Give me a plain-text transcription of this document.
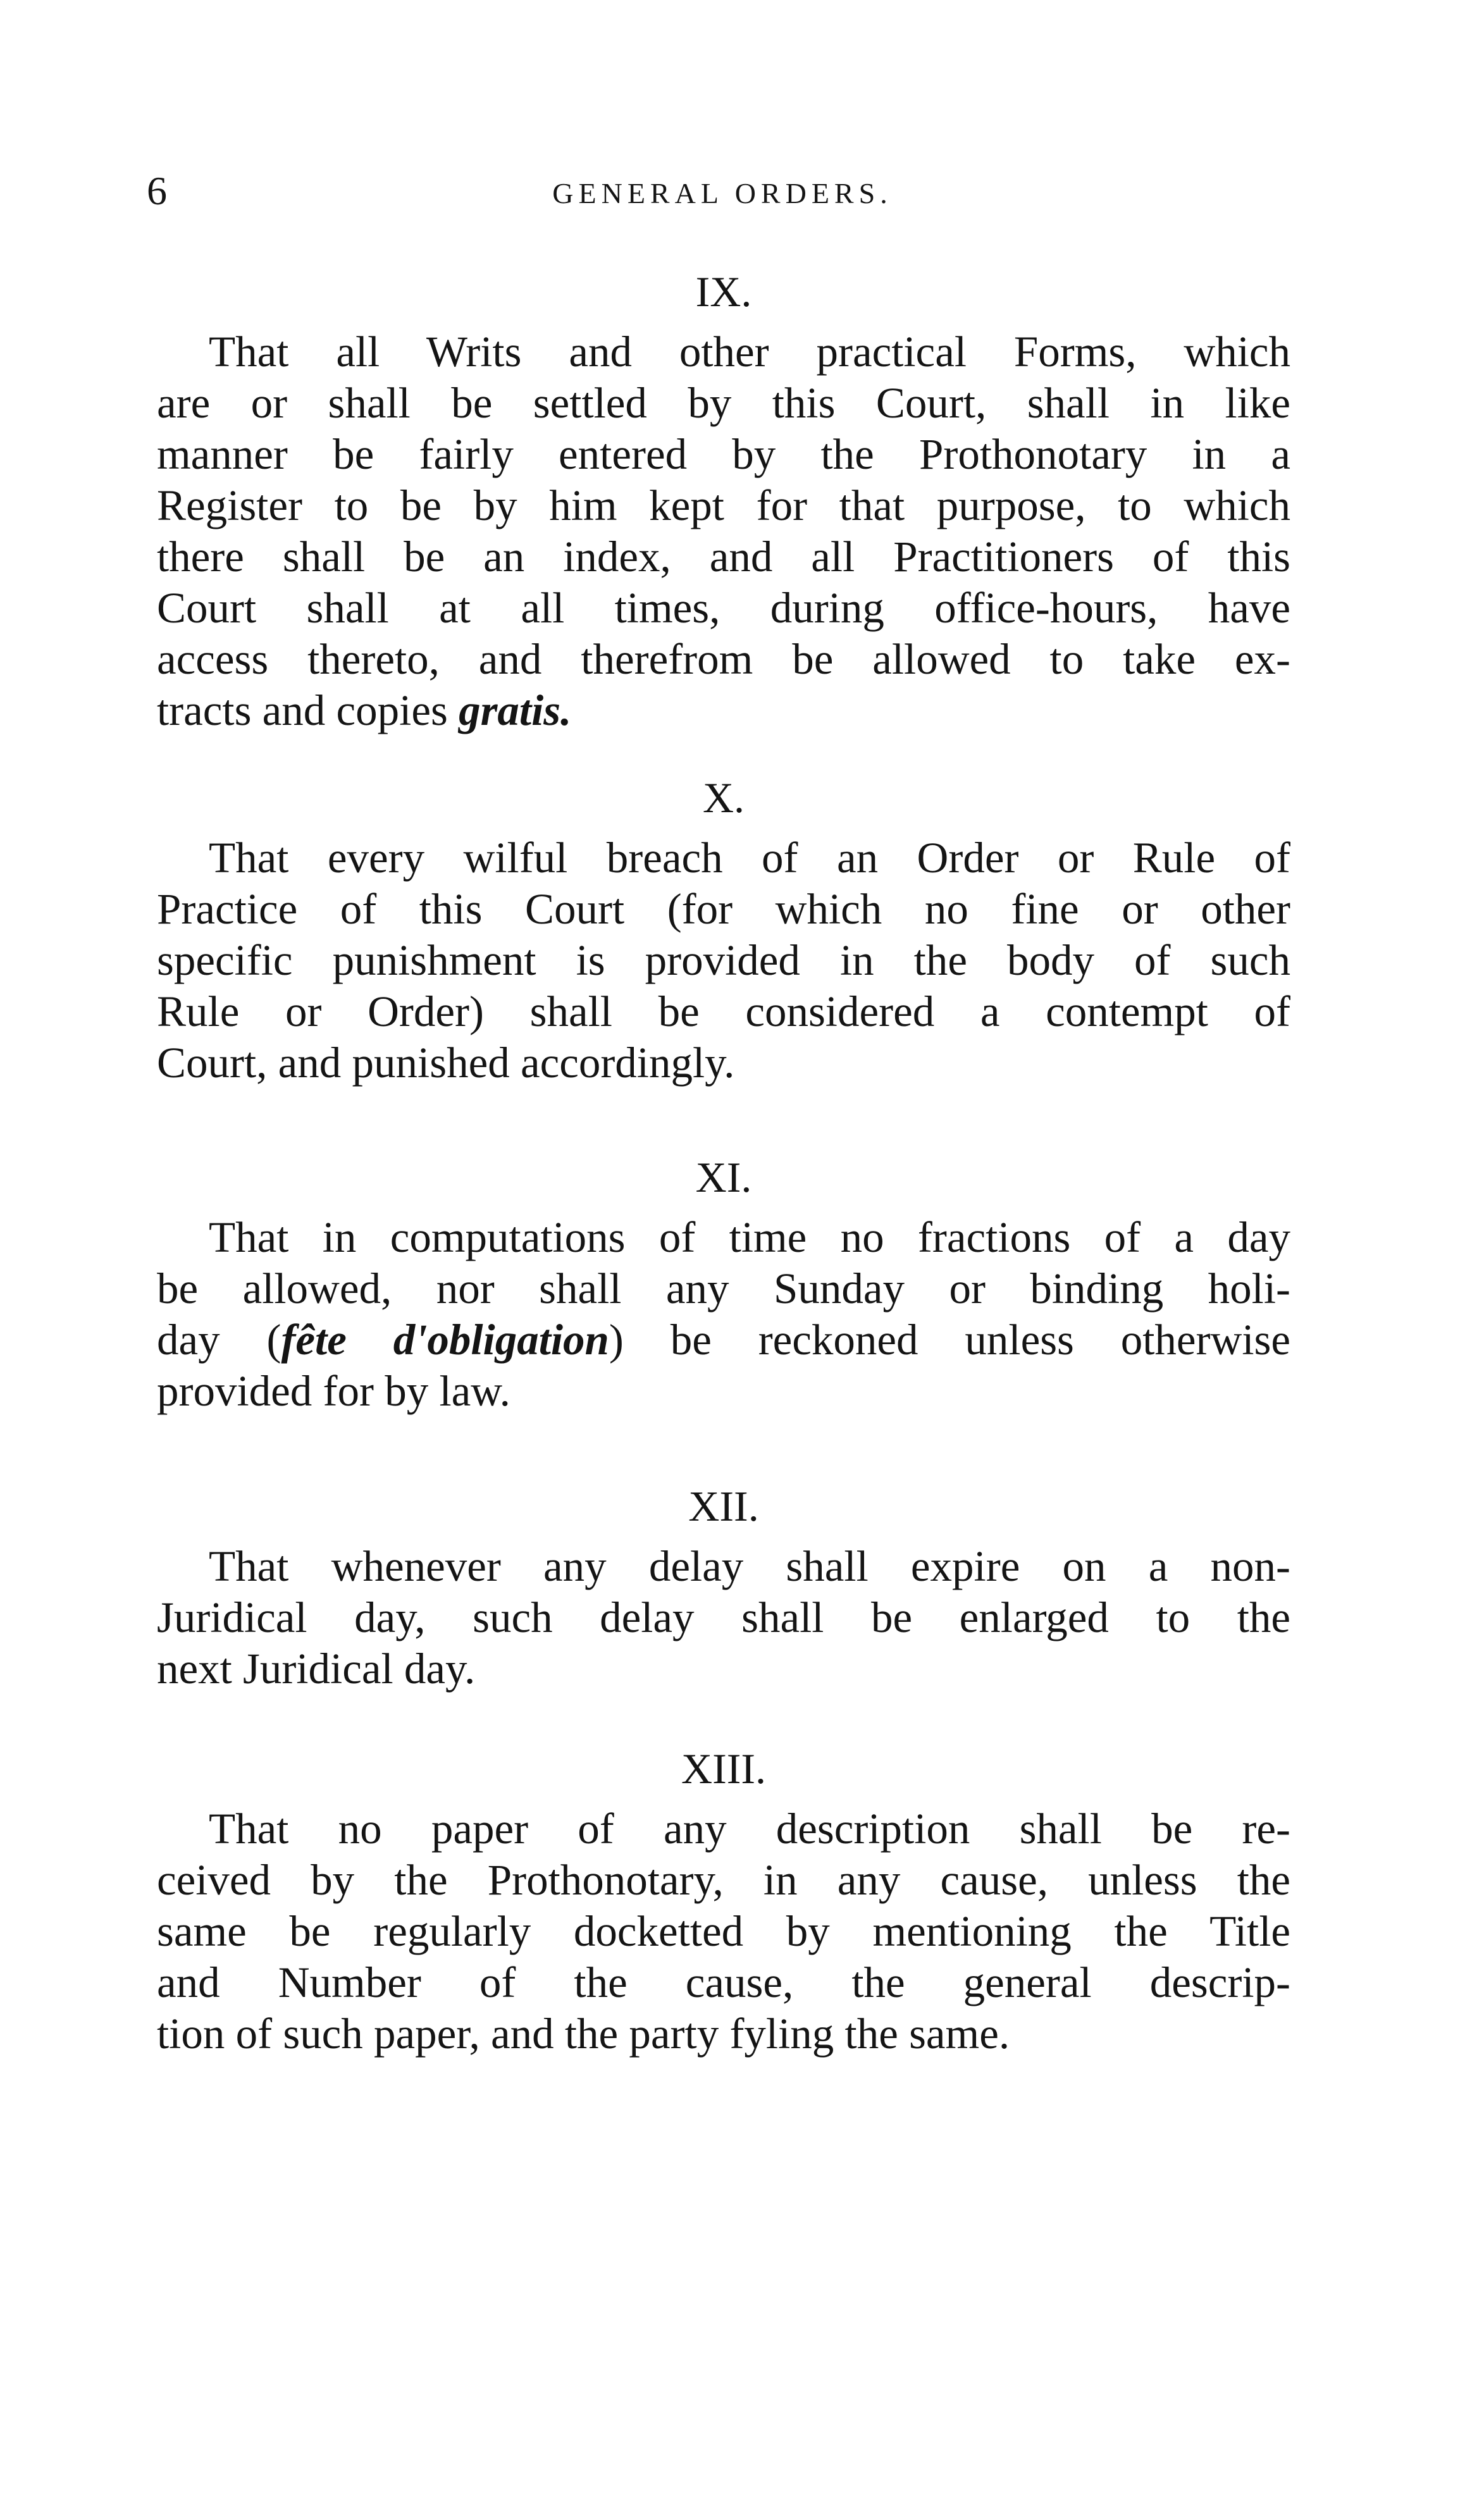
6	GENERAL ORDERS.
IX.
That all Writs and other practical Forms, which
are or shall be settled by this Court, shall in like
manner be fairly entered by the Prothonotary in a
Register to be by him kept for that purpose, to which
there shall be an index, and all Practitioners of this
Court shall at all times, during office-hours, have
access thereto, and therefrom be allowed to take ex-
tracts and copies gratis.
X.
That every wilful breach of an Order or Rule of
Practice of this Court (for which no fine or other
specific punishment is provided in the body of such
Rule or Order) shall be considered a contempt of
Court, and punished accordingly.
XI.
That in computations of time no fractions of a day
be allowed, nor shall any Sunday or binding holi-
day (fête d'obligation) be reckoned unless otherwise
provided for by law.
XII.
That whenever any delay shall expire on a non-
Juridical day, such delay shall be enlarged to the
next Juridical day.
XIII.
That no paper of any description shall be re-
ceived by the Prothonotary, in any cause, unless the
same be regularly docketted by mentioning the Title
and Number of the cause, the general descrip-
tion of such paper, and the party fyling the same.
